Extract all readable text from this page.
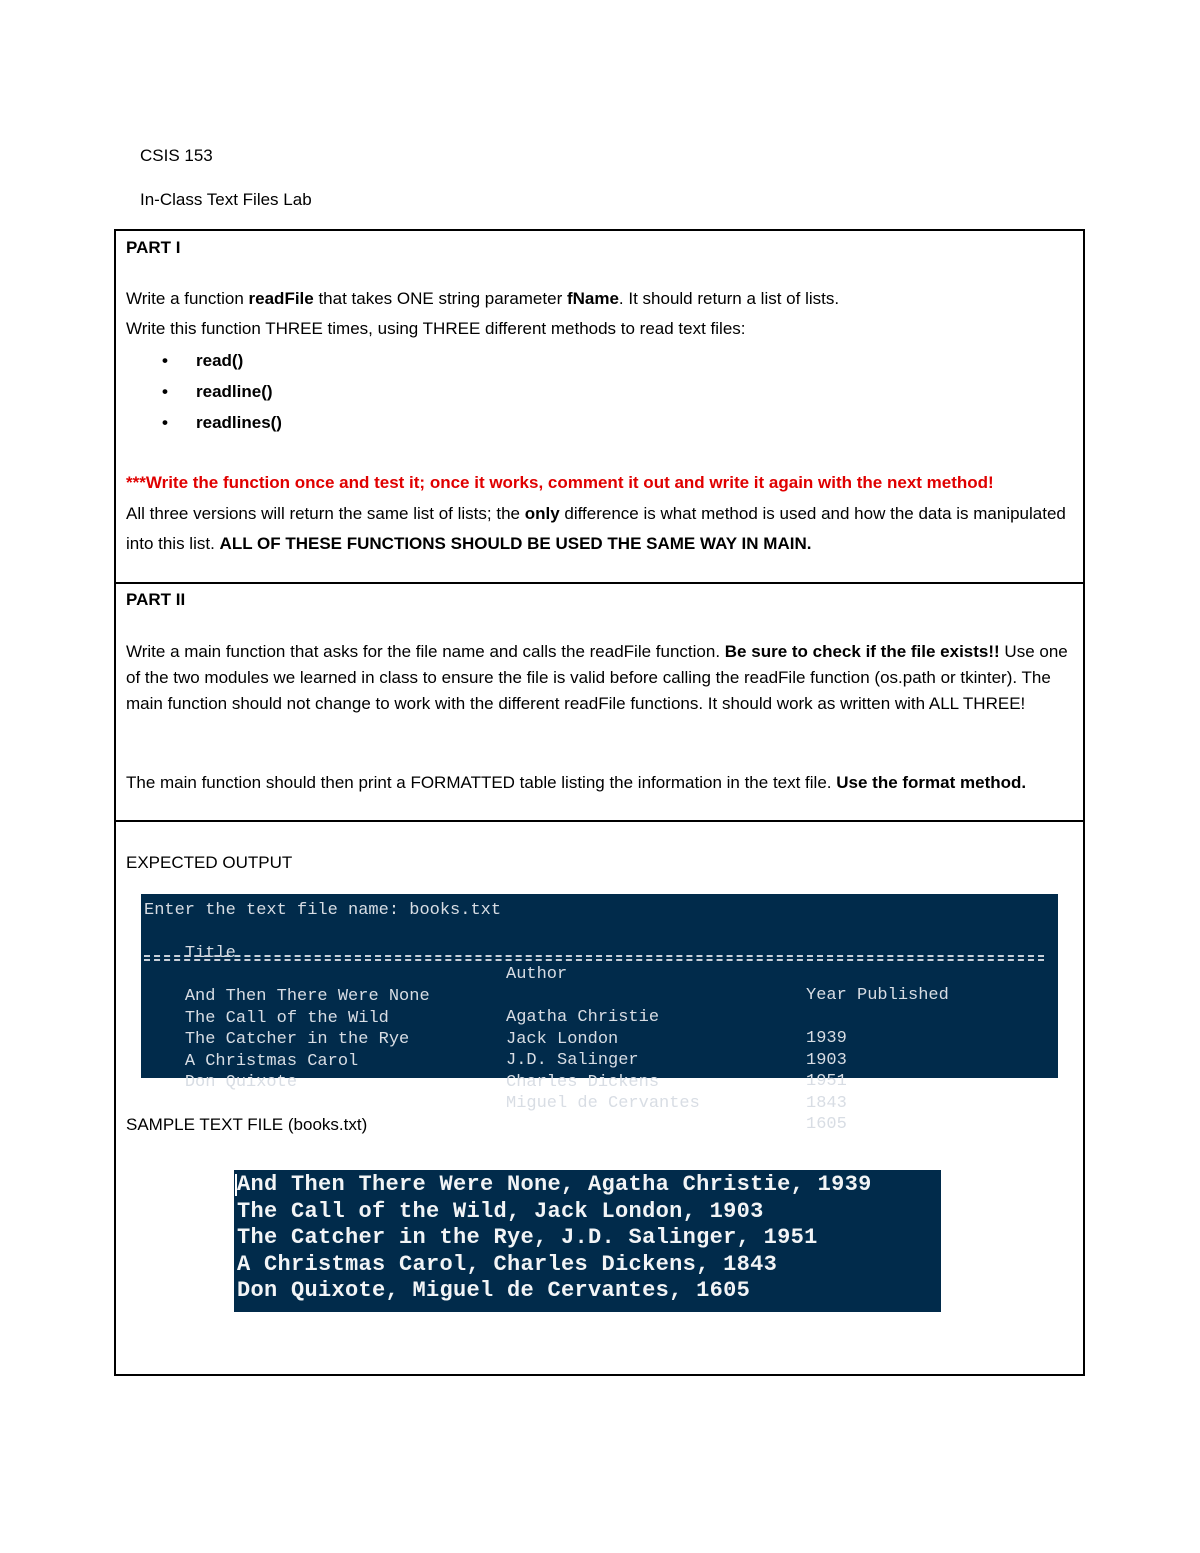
CSIS 153
In-Class Text Files Lab
PART I
Write a function readFile that takes ONE string parameter fName. It should return a list of lists.
Write this function THREE times, using THREE different methods to read text files:
• read()
• readline()
• readlines()
***Write the function once and test it; once it works, comment it out and write it again with the next method!
All three versions will return the same list of lists; the only difference is what method is used and how the data is manipulated into this list. ALL OF THESE FUNCTIONS SHOULD BE USED THE SAME WAY IN MAIN.
PART II
Write a main function that asks for the file name and calls the readFile function. Be sure to check if the file exists!! Use one of the two modules we learned in class to ensure the file is valid before calling the readFile function (os.path or tkinter). The main function should not change to work with the different readFile functions. It should work as written with ALL THREE!
The main function should then print a FORMATTED table listing the information in the text file. Use the format method.
EXPECTED OUTPUT
SAMPLE TEXT FILE (books.txt)
Enter the text file name: books.txt

Title

Author

Year Published

And Then There Were None

Agatha Christie

1939

The Call of the Wild

Jack London

1903

The Catcher in the Rye

J.D. Salinger

1951

A Christmas Carol

Charles Dickens

1843

Don Quixote

Miguel de Cervantes

1605

And Then There Were None, Agatha Christie, 1939
The Call of the Wild, Jack London, 1903
The Catcher in the Rye, J.D. Salinger, 1951
A Christmas Carol, Charles Dickens, 1843
Don Quixote, Miguel de Cervantes, 1605
